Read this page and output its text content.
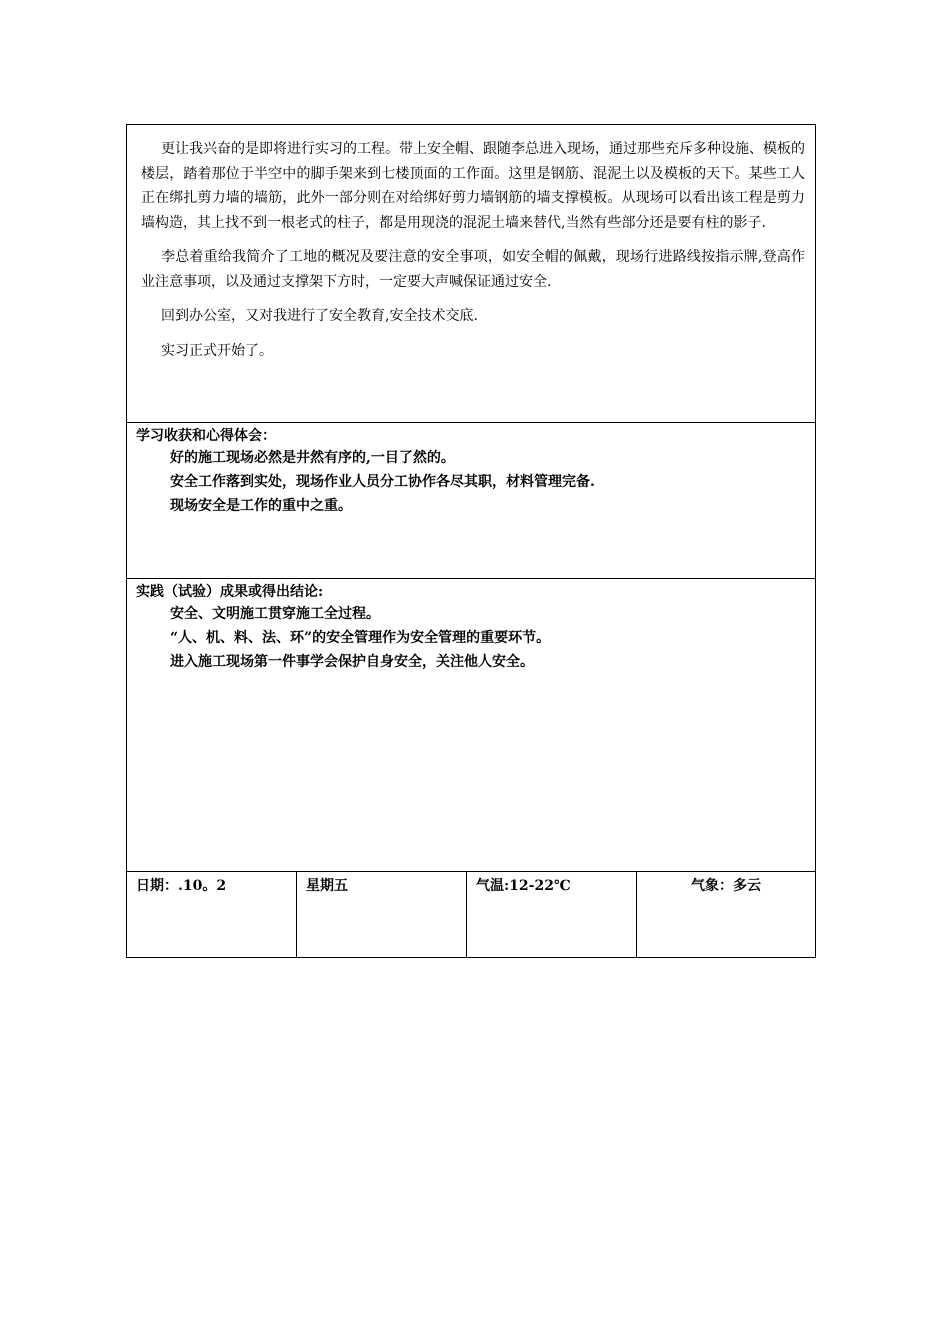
更让我兴奋的是即将进行实习的工程。带上安全帽、跟随李总进入现场，通过那些充斥多种设施、模板的楼层，踏着那位于半空中的脚手架来到七楼顶面的工作面。这里是钢筋、混泥土以及模板的天下。某些工人正在绑扎剪力墙的墙筋，此外一部分则在对给绑好剪力墙钢筋的墙支撑模板。从现场可以看出该工程是剪力墙构造，其上找不到一根老式的柱子，都是用现浇的混泥土墙来替代,当然有些部分还是要有柱的影子.

李总着重给我简介了工地的概况及要注意的安全事项，如安全帽的佩戴，现场行进路线按指示牌,登高作业注意事项，以及通过支撑架下方时，一定要大声喊保证通过安全.

回到办公室，又对我进行了安全教育,安全技术交底.

实习正式开始了。

学习收获和心得体会：
好的施工现场必然是井然有序的,一目了然的。
安全工作落到实处，现场作业人员分工协作各尽其职，材料管理完备.
现场安全是工作的重中之重。

实践（试验）成果或得出结论:
安全、文明施工贯穿施工全过程。
“人、机、料、法、环”的安全管理作为安全管理的重要环节。
进入施工现场第一件事学会保护自身安全，关注他人安全。

日期：.10。2	星期五	气温:12-22℃	气象：多云
